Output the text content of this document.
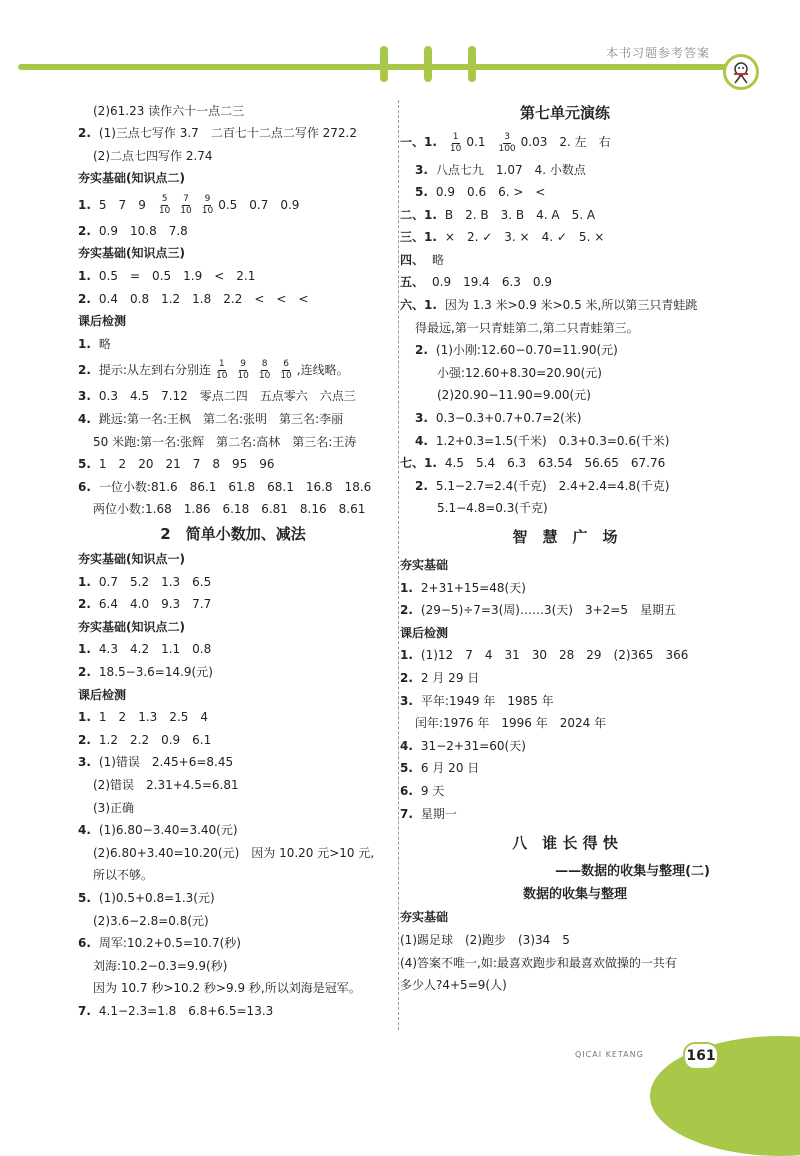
本书习题参考答案
(2)61.23 读作六十一点二三
2. (1)三点七写作 3.7　二百七十二点二写作 272.2
(2)二点七四写作 2.74
夯实基础(知识点二)
1. 5　7　$9 \frac{5}{10} \frac{7}{10} \frac{9}{10} 0.5$　0.7　0.9
2. 0.9　10.8　7.8
夯实基础(知识点三)
1. 0.5　=　0.5　1.9　<　2.1
2. 0.4　0.8　1.2　1.8　2.2　<　<　<
课后检测
1. 略
2. 提示:从左到右分别连 $\frac{1}{10} \frac{9}{10} \frac{8}{10} \frac{6}{10}$ ,连线略。
3. 0.3　4.5　7.12　零点二四　五点零六　六点三
4. 跳远:第一名:王枫　第二名:张明　第三名:李丽
50 米跑:第一名:张辉　第二名:高林　第三名:王涛
5. 1　2　20　21　7　8　95　96
6. 一位小数:81.6　86.1　61.8　68.1　16.8　18.6
两位小数:1.68　1.86　6.18　6.81　8.16　8.61
2　简单小数加、减法
夯实基础(知识点一)
1. 0.7　5.2　1.3　6.5
2. 6.4　4.0　9.3　7.7
夯实基础(知识点二)
1. 4.3　4.2　1.1　0.8
2. 18.5−3.6=14.9(元)
课后检测
1. 1　2　1.3　2.5　4
2. 1.2　2.2　0.9　6.1
3. (1)错误　2.45+6=8.45
(2)错误　2.31+4.5=6.81
(3)正确
4. (1)6.80−3.40=3.40(元)
(2)6.80+3.40=10.20(元)　因为 10.20 元>10 元,
所以不够。
5. (1)0.5+0.8=1.3(元)
(2)3.6−2.8=0.8(元)
6. 周军:10.2+0.5=10.7(秒)
刘海:10.2−0.3=9.9(秒)
因为 10.7 秒>10.2 秒>9.9 秒,所以刘海是冠军。
7. 4.1−2.3=1.8　6.8+6.5=13.3
第七单元演练
一、1. $\frac{1}{10} 0.1 \frac{3}{100} 0.03$　2. 左　右
3. 八点七九　1.07　4. 小数点
5. 0.9　0.6　6. >　<
二、1. B　2. B　3. B　4. A　5. A
三、1. ×　2. ✓　3. ×　4. ✓　5. ×
四、 略
五、 0.9　19.4　6.3　0.9
六、1. 因为 1.3 米>0.9 米>0.5 米,所以第三只青蛙跳
得最远,第一只青蛙第二,第二只青蛙第三。
2. (1)小刚:12.60−0.70=11.90(元)
小强:12.60+8.30=20.90(元)
(2)20.90−11.90=9.00(元)
3. 0.3−0.3+0.7+0.7=2(米)
4. 1.2+0.3=1.5(千米)　0.3+0.3=0.6(千米)
七、1. 4.5　5.4　6.3　63.54　56.65　67.76
2. 5.1−2.7=2.4(千克)　2.4+2.4=4.8(千克)
5.1−4.8=0.3(千克)
智　慧　广　场
夯实基础
1. 2+31+15=48(天)
2. (29−5)÷7=3(周)……3(天)　3+2=5　星期五
课后检测
1. (1)12　7　4　31　30　28　29　(2)365　366
2. 2 月 29 日
3. 平年:1949 年　1985 年
闰年:1976 年　1996 年　2024 年
4. 31−2+31=60(天)
5. 6 月 20 日
6. 9 天
7. 星期一
八　谁 长 得 快
——数据的收集与整理(二)
数据的收集与整理
夯实基础
(1)踢足球　(2)跑步　(3)34　5
(4)答案不唯一,如:最喜欢跑步和最喜欢做操的一共有
多少人?4+5=9(人)
QICAI KETANG	161
